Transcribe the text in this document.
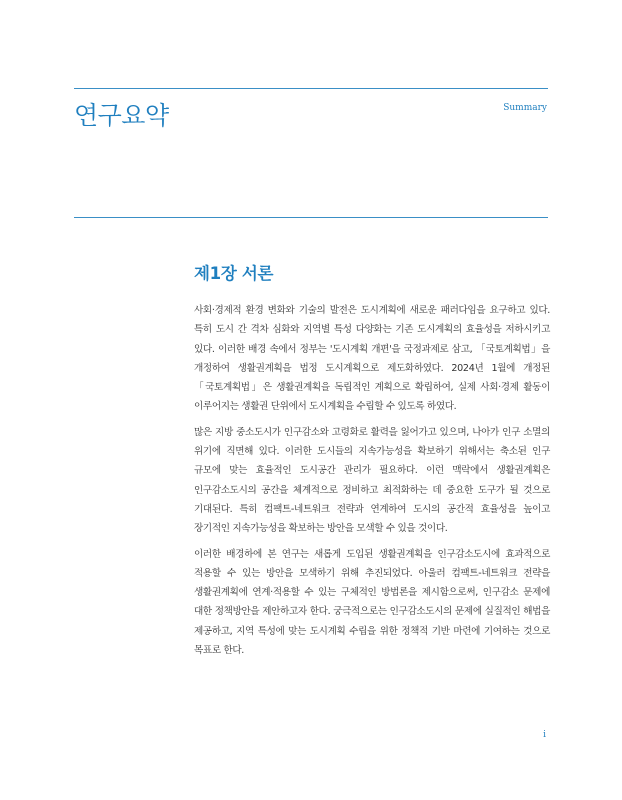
연구요약	Summary
제1장 서론

사회·경제적 환경 변화와 기술의 발전은 도시계획에 새로운 패러다임을 요구하고 있다. 특히 도시 간 격차 심화와 지역별 특성 다양화는 기존 도시계획의 효율성을 저하시키고 있다. 이러한 배경 속에서 정부는 '도시계획 개편'을 국정과제로 삼고, 「국토계획법」을 개정하여 생활권계획을 법정 도시계획으로 제도화하였다. 2024년 1월에 개정된「국토계획법」은 생활권계획을 독립적인 계획으로 확립하여, 실제 사회·경제 활동이 이루어지는 생활권 단위에서 도시계획을 수립할 수 있도록 하였다.

많은 지방 중소도시가 인구감소와 고령화로 활력을 잃어가고 있으며, 나아가 인구 소멸의 위기에 직면해 있다. 이러한 도시들의 지속가능성을 확보하기 위해서는 축소된 인구 규모에 맞는 효율적인 도시공간 관리가 필요하다. 이런 맥락에서 생활권계획은 인구감소도시의 공간을 체계적으로 정비하고 최적화하는 데 중요한 도구가 될 것으로 기대된다. 특히 컴팩트-네트워크 전략과 연계하여 도시의 공간적 효율성을 높이고 장기적인 지속가능성을 확보하는 방안을 모색할 수 있을 것이다.

이러한 배경하에 본 연구는 새롭게 도입된 생활권계획을 인구감소도시에 효과적으로 적용할 수 있는 방안을 모색하기 위해 추진되었다. 아울러 컴팩트-네트워크 전략을 생활권계획에 연계·적용할 수 있는 구체적인 방법론을 제시함으로써, 인구감소 문제에 대한 정책방안을 제안하고자 한다. 궁극적으로는 인구감소도시의 문제에 실질적인 해법을 제공하고, 지역 특성에 맞는 도시계획 수립을 위한 정책적 기반 마련에 기여하는 것으로 목표로 한다.

i
